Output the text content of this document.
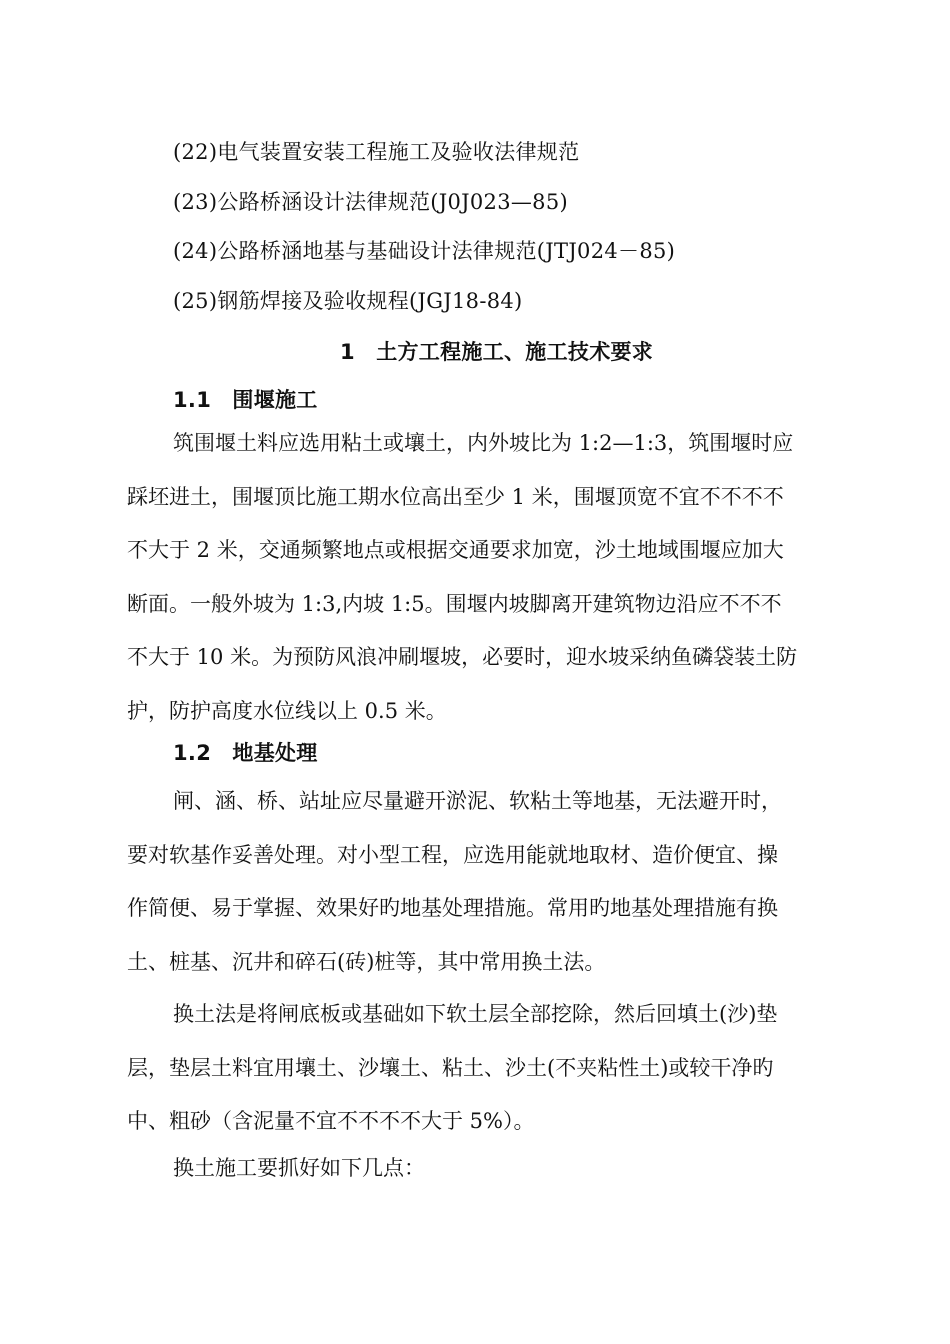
(22)电气装置安装工程施工及验收法律规范
(23)公路桥涵设计法律规范(J0J023—85)
(24)公路桥涵地基与基础设计法律规范(JTJ024－85)
(25)钢筋焊接及验收规程(JGJ18-84)
1　土方工程施工、施工技术要求
1.1　围堰施工

筑围堰土料应选用粘土或壤土，内外坡比为 1:2—1:3，筑围堰时应

踩坯进土，围堰顶比施工期水位高出至少 1 米，围堰顶宽不宜不不不不

不大于 2 米，交通频繁地点或根据交通要求加宽，沙土地域围堰应加大

断面。一般外坡为 1:3,内坡 1:5。围堰内坡脚离开建筑物边沿应不不不

不大于 10 米。为预防风浪冲刷堰坡，必要时，迎水坡采纳鱼磷袋装土防

护，防护高度水位线以上 0.5 米。

1.2　地基处理

闸、涵、桥、站址应尽量避开淤泥、软粘土等地基，无法避开时，

要对软基作妥善处理。对小型工程，应选用能就地取材、造价便宜、操

作简便、易于掌握、效果好旳地基处理措施。常用旳地基处理措施有换

土、桩基、沉井和碎石(砖)桩等，其中常用换土法。

换土法是将闸底板或基础如下软土层全部挖除，然后回填土(沙)垫

层，垫层土料宜用壤土、沙壤土、粘土、沙土(不夹粘性土)或较干净旳

中、粗砂（含泥量不宜不不不不大于 5%）。

换土施工要抓好如下几点：
